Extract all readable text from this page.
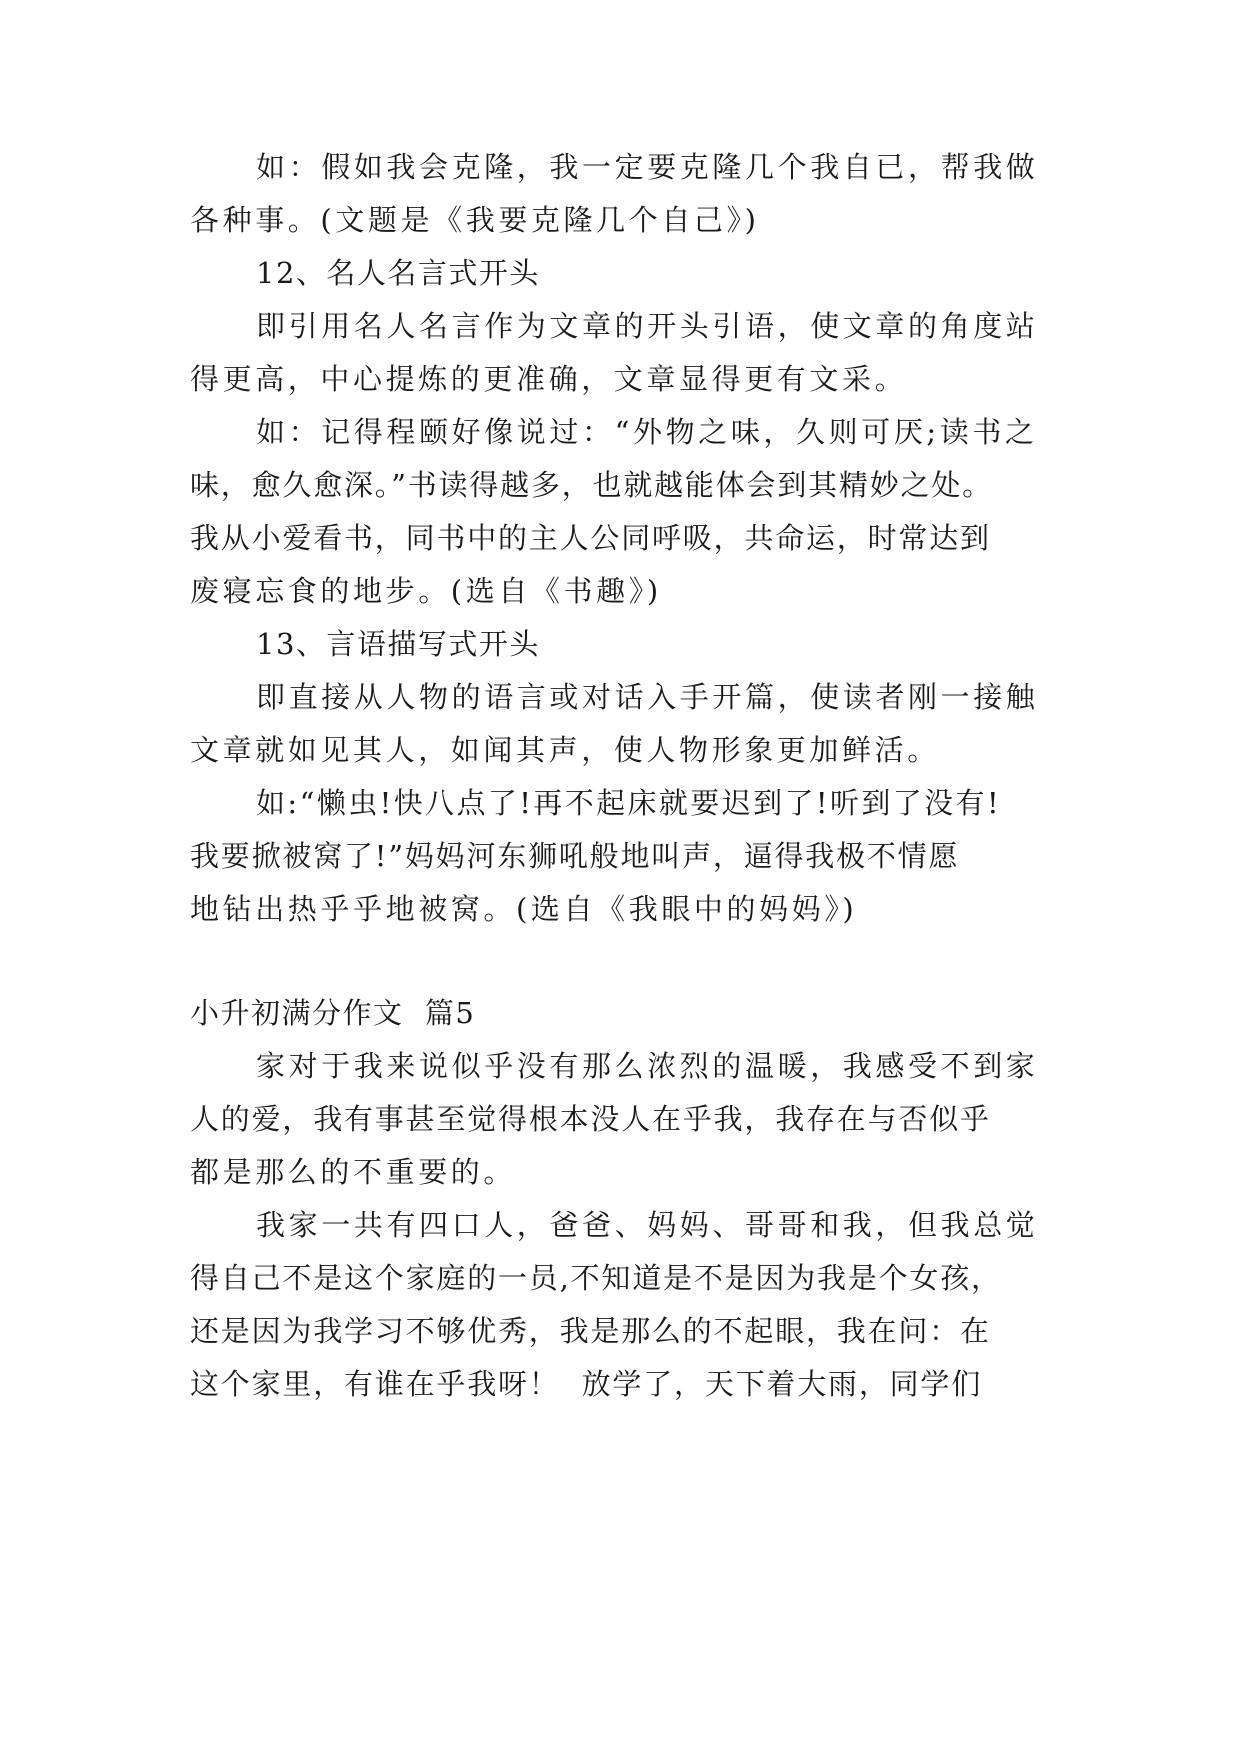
如：假如我会克隆，我一定要克隆几个我自已，帮我做
各种事。(文题是《我要克隆几个自己》)
12、名人名言式开头
即引用名人名言作为文章的开头引语，使文章的角度站
得更高，中心提炼的更准确，文章显得更有文采。
如：记得程颐好像说过：“外物之味，久则可厌;读书之
味，愈久愈深。”书读得越多，也就越能体会到其精妙之处。
我从小爱看书，同书中的主人公同呼吸，共命运，时常达到
废寝忘食的地步。(选自《书趣》)
13、言语描写式开头
即直接从人物的语言或对话入手开篇，使读者刚一接触
文章就如见其人，如闻其声，使人物形象更加鲜活。
如:“懒虫!快八点了!再不起床就要迟到了!听到了没有!
我要掀被窝了!”妈妈河东狮吼般地叫声，逼得我极不情愿
地钻出热乎乎地被窝。(选自《我眼中的妈妈》)
小升初满分作文  篇5
家对于我来说似乎没有那么浓烈的温暖，我感受不到家
人的爱，我有事甚至觉得根本没人在乎我，我存在与否似乎
都是那么的不重要的。
我家一共有四口人，爸爸、妈妈、哥哥和我，但我总觉
得自己不是这个家庭的一员,不知道是不是因为我是个女孩，
还是因为我学习不够优秀，我是那么的不起眼，我在问：在
这个家里，有谁在乎我呀！  放学了，天下着大雨，同学们
